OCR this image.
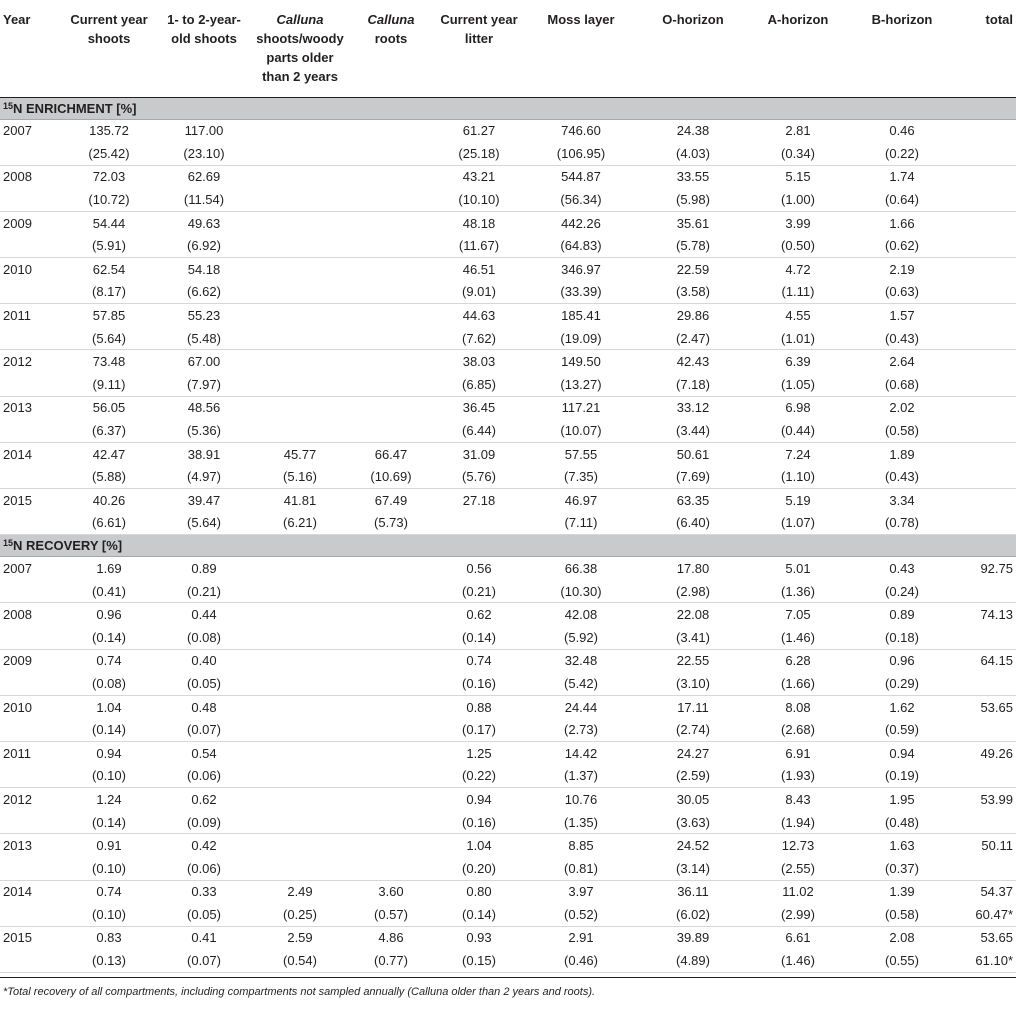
Year	Current year shoots	1- to 2-year-old shoots	Calluna shoots/woody parts older than 2 years	Calluna roots	Current year litter	Moss layer	O-horizon	A-horizon	B-horizon	total
$^{15}$N ENRICHMENT [%]										
2007	135.72	117.00			61.27	746.60	24.38	2.81	0.46	
	(25.42)	(23.10)			(25.18)	(106.95)	(4.03)	(0.34)	(0.22)	
2008	72.03	62.69			43.21	544.87	33.55	5.15	1.74	
	(10.72)	(11.54)			(10.10)	(56.34)	(5.98)	(1.00)	(0.64)	
2009	54.44	49.63			48.18	442.26	35.61	3.99	1.66	
	(5.91)	(6.92)			(11.67)	(64.83)	(5.78)	(0.50)	(0.62)	
2010	62.54	54.18			46.51	346.97	22.59	4.72	2.19	
	(8.17)	(6.62)			(9.01)	(33.39)	(3.58)	(1.11)	(0.63)	
2011	57.85	55.23			44.63	185.41	29.86	4.55	1.57	
	(5.64)	(5.48)			(7.62)	(19.09)	(2.47)	(1.01)	(0.43)	
2012	73.48	67.00			38.03	149.50	42.43	6.39	2.64	
	(9.11)	(7.97)			(6.85)	(13.27)	(7.18)	(1.05)	(0.68)	
2013	56.05	48.56			36.45	117.21	33.12	6.98	2.02	
	(6.37)	(5.36)			(6.44)	(10.07)	(3.44)	(0.44)	(0.58)	
2014	42.47	38.91	45.77	66.47	31.09	57.55	50.61	7.24	1.89	
	(5.88)	(4.97)	(5.16)	(10.69)	(5.76)	(7.35)	(7.69)	(1.10)	(0.43)	
2015	40.26	39.47	41.81	67.49	27.18	46.97	63.35	5.19	3.34	
	(6.61)	(5.64)	(6.21)	(5.73)		(7.11)	(6.40)	(1.07)	(0.78)	
$^{15}$N RECOVERY [%]										
2007	1.69	0.89			0.56	66.38	17.80	5.01	0.43	92.75
	(0.41)	(0.21)			(0.21)	(10.30)	(2.98)	(1.36)	(0.24)	
2008	0.96	0.44			0.62	42.08	22.08	7.05	0.89	74.13
	(0.14)	(0.08)			(0.14)	(5.92)	(3.41)	(1.46)	(0.18)	
2009	0.74	0.40			0.74	32.48	22.55	6.28	0.96	64.15
	(0.08)	(0.05)			(0.16)	(5.42)	(3.10)	(1.66)	(0.29)	
2010	1.04	0.48			0.88	24.44	17.11	8.08	1.62	53.65
	(0.14)	(0.07)			(0.17)	(2.73)	(2.74)	(2.68)	(0.59)	
2011	0.94	0.54			1.25	14.42	24.27	6.91	0.94	49.26
	(0.10)	(0.06)			(0.22)	(1.37)	(2.59)	(1.93)	(0.19)	
2012	1.24	0.62			0.94	10.76	30.05	8.43	1.95	53.99
	(0.14)	(0.09)			(0.16)	(1.35)	(3.63)	(1.94)	(0.48)	
2013	0.91	0.42			1.04	8.85	24.52	12.73	1.63	50.11
	(0.10)	(0.06)			(0.20)	(0.81)	(3.14)	(2.55)	(0.37)	
2014	0.74	0.33	2.49	3.60	0.80	3.97	36.11	11.02	1.39	54.37
	(0.10)	(0.05)	(0.25)	(0.57)	(0.14)	(0.52)	(6.02)	(2.99)	(0.58)	60.47*
2015	0.83	0.41	2.59	4.86	0.93	2.91	39.89	6.61	2.08	53.65
	(0.13)	(0.07)	(0.54)	(0.77)	(0.15)	(0.46)	(4.89)	(1.46)	(0.55)	61.10*
*Total recovery of all compartments, including compartments not sampled annually (Calluna older than 2 years and roots).
